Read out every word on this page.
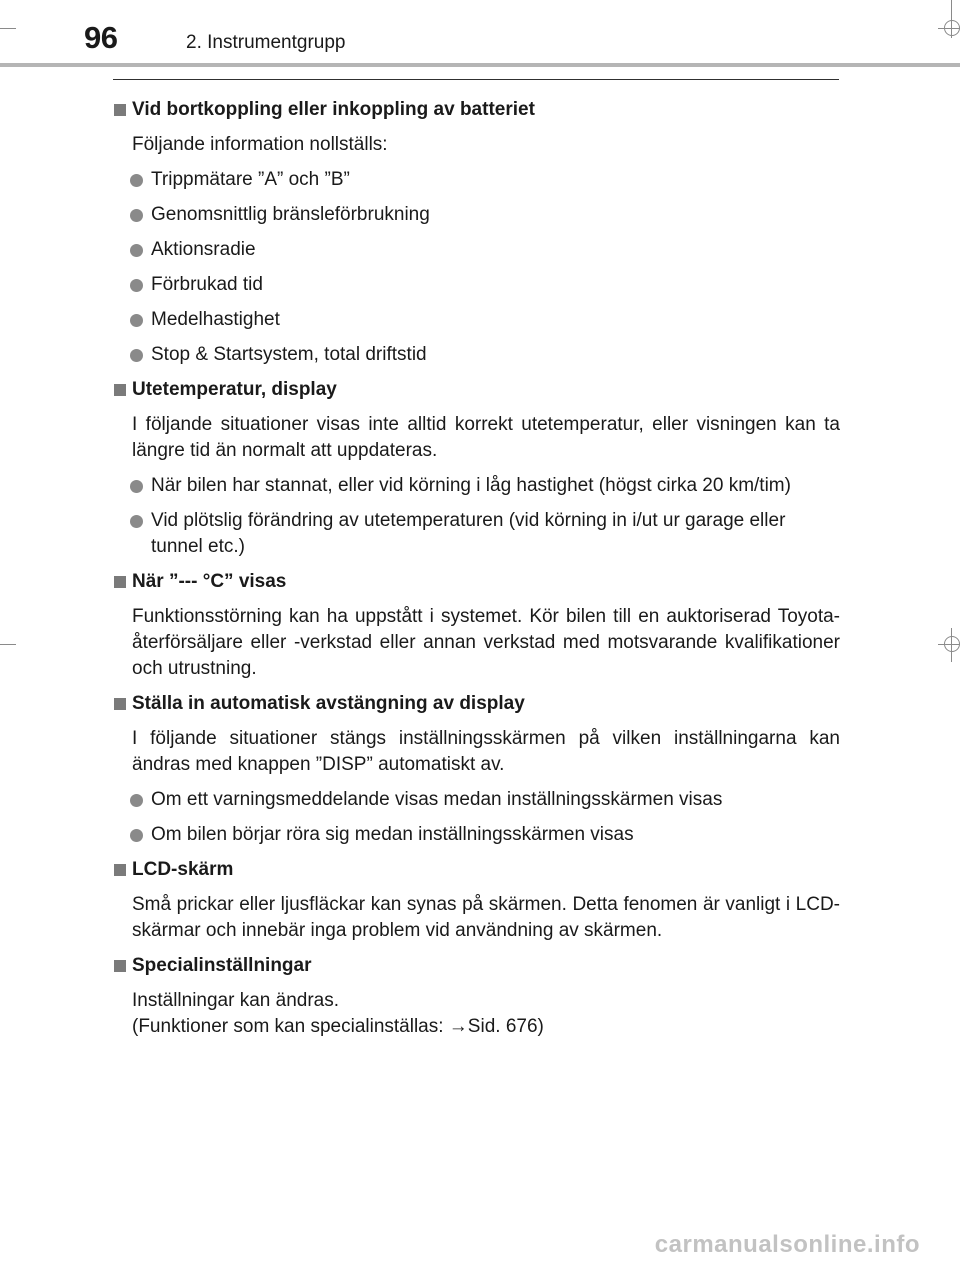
96	2. Instrumentgrupp
Vid bortkoppling eller inkoppling av batteriet
Följande information nollställs:
Trippmätare ”A” och ”B”
Genomsnittlig bränsleförbrukning
Aktionsradie
Förbrukad tid
Medelhastighet
Stop & Startsystem, total driftstid
Utetemperatur, display
I följande situationer visas inte alltid korrekt utetemperatur, eller visningen kan ta längre tid än normalt att uppdateras.
När bilen har stannat, eller vid körning i låg hastighet (högst cirka 20 km/tim)
Vid plötslig förändring av utetemperaturen (vid körning in i/ut ur garage eller tunnel etc.)
När ”--- °C” visas
Funktionsstörning kan ha uppstått i systemet. Kör bilen till en auktoriserad Toyota-återförsäljare eller -verkstad eller annan verkstad med motsvarande kvalifikationer och utrustning.
Ställa in automatisk avstängning av display
I följande situationer stängs inställningsskärmen på vilken inställningarna kan ändras med knappen ”DISP” automatiskt av.
Om ett varningsmeddelande visas medan inställningsskärmen visas
Om bilen börjar röra sig medan inställningsskärmen visas
LCD-skärm
Små prickar eller ljusfläckar kan synas på skärmen. Detta fenomen är vanligt i LCD-skärmar och innebär inga problem vid användning av skärmen.
Specialinställningar
Inställningar kan ändras.
(Funktioner som kan specialinställas: →Sid. 676)
carmanualsonline.info
